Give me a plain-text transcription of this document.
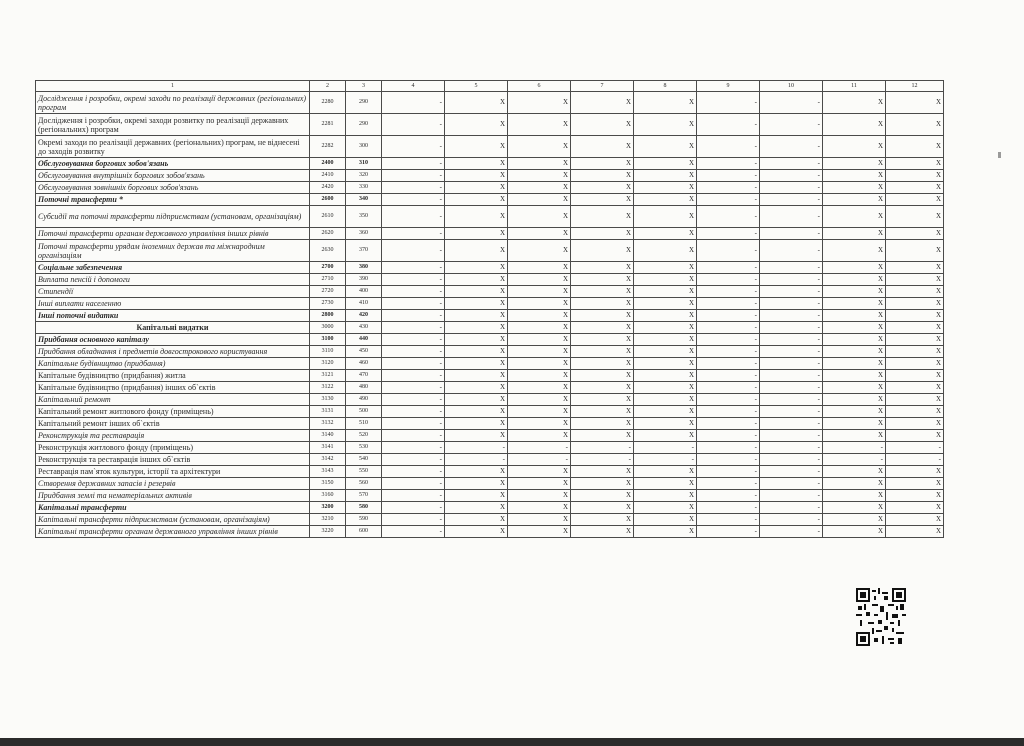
1	2	3	4	5	6	7	8	9	10	11	12
Дослідження і розробки, окремі заходи по реалізації державних (регіональних) програм	2280	290	-	X	X	X	X	-	-	X	X
Дослідження і розробки, окремі заходи розвитку по реалізації державних (регіональних) програм	2281	290	-	X	X	X	X	-	-	X	X
Окремі заходи по реалізації державних (регіональних) програм, не віднесені до заходів розвитку	2282	300	-	X	X	X	X	-	-	X	X
Обслуговування боргових зобов'язань	2400	310	-	X	X	X	X	-	-	X	X
Обслуговування внутрішніх боргових зобов'язань	2410	320	-	X	X	X	X	-	-	X	X
Обслуговування зовнішніх боргових зобов'язань	2420	330	-	X	X	X	X	-	-	X	X
Поточні трансферти *	2600	340	-	X	X	X	X	-	-	X	X
Субсидії та поточні трансферти підприємствам (установам, організаціям)	2610	350	-	X	X	X	X	-	-	X	X
Поточні трансферти органам державного управління інших рівнів	2620	360	-	X	X	X	X	-	-	X	X
Поточні трансферти урядам іноземних держав та міжнародним організаціям	2630	370	-	X	X	X	X	-	-	X	X
Соціальне забезпечення	2700	380	-	X	X	X	X	-	-	X	X
Виплата пенсій і допомоги	2710	390	-	X	X	X	X	-	-	X	X
Стипендії	2720	400	-	X	X	X	X	-	-	X	X
Інші виплати населенню	2730	410	-	X	X	X	X	-	-	X	X
Інші поточні видатки	2800	420	-	X	X	X	X	-	-	X	X
Капітальні видатки	3000	430	-	X	X	X	X	-	-	X	X
Придбання основного капіталу	3100	440	-	X	X	X	X	-	-	X	X
Придбання обладнання і предметів довгострокового користування	3110	450	-	X	X	X	X	-	-	X	X
Капітальне будівництво (придбання)	3120	460	-	X	X	X	X	-	-	X	X
Капітальне будівництво (придбання) житла	3121	470	-	X	X	X	X	-	-	X	X
Капітальне будівництво (придбання) інших об`єктів	3122	480	-	X	X	X	X	-	-	X	X
Капітальний ремонт	3130	490	-	X	X	X	X	-	-	X	X
Капітальний ремонт житлового фонду (приміщень)	3131	500	-	X	X	X	X	-	-	X	X
Капітальний ремонт інших об`єктів	3132	510	-	X	X	X	X	-	-	X	X
Реконструкція та реставрація	3140	520	-	X	X	X	X	-	-	X	X
Реконструкція житлового фонду (приміщень)	3141	530	-	-	-	-	-	-	-	-	-
Реконструкція та реставрація інших об`єктів	3142	540	-	-	-	-	-	-	-	-	-
Реставрація пам`яток культури, історії та архітектури	3143	550	-	X	X	X	X	-	-	X	X
Створення державних запасів і резервів	3150	560	-	X	X	X	X	-	-	X	X
Придбання землі та нематеріальних активів	3160	570	-	X	X	X	X	-	-	X	X
Капітальні трансферти	3200	580	-	X	X	X	X	-	-	X	X
Капітальні трансферти підприємствам (установам, організаціям)	3210	590	-	X	X	X	X	-	-	X	X
Капітальні трансферти органам державного управління інших рівнів	3220	600	-	X	X	X	X	-	-	X	X
